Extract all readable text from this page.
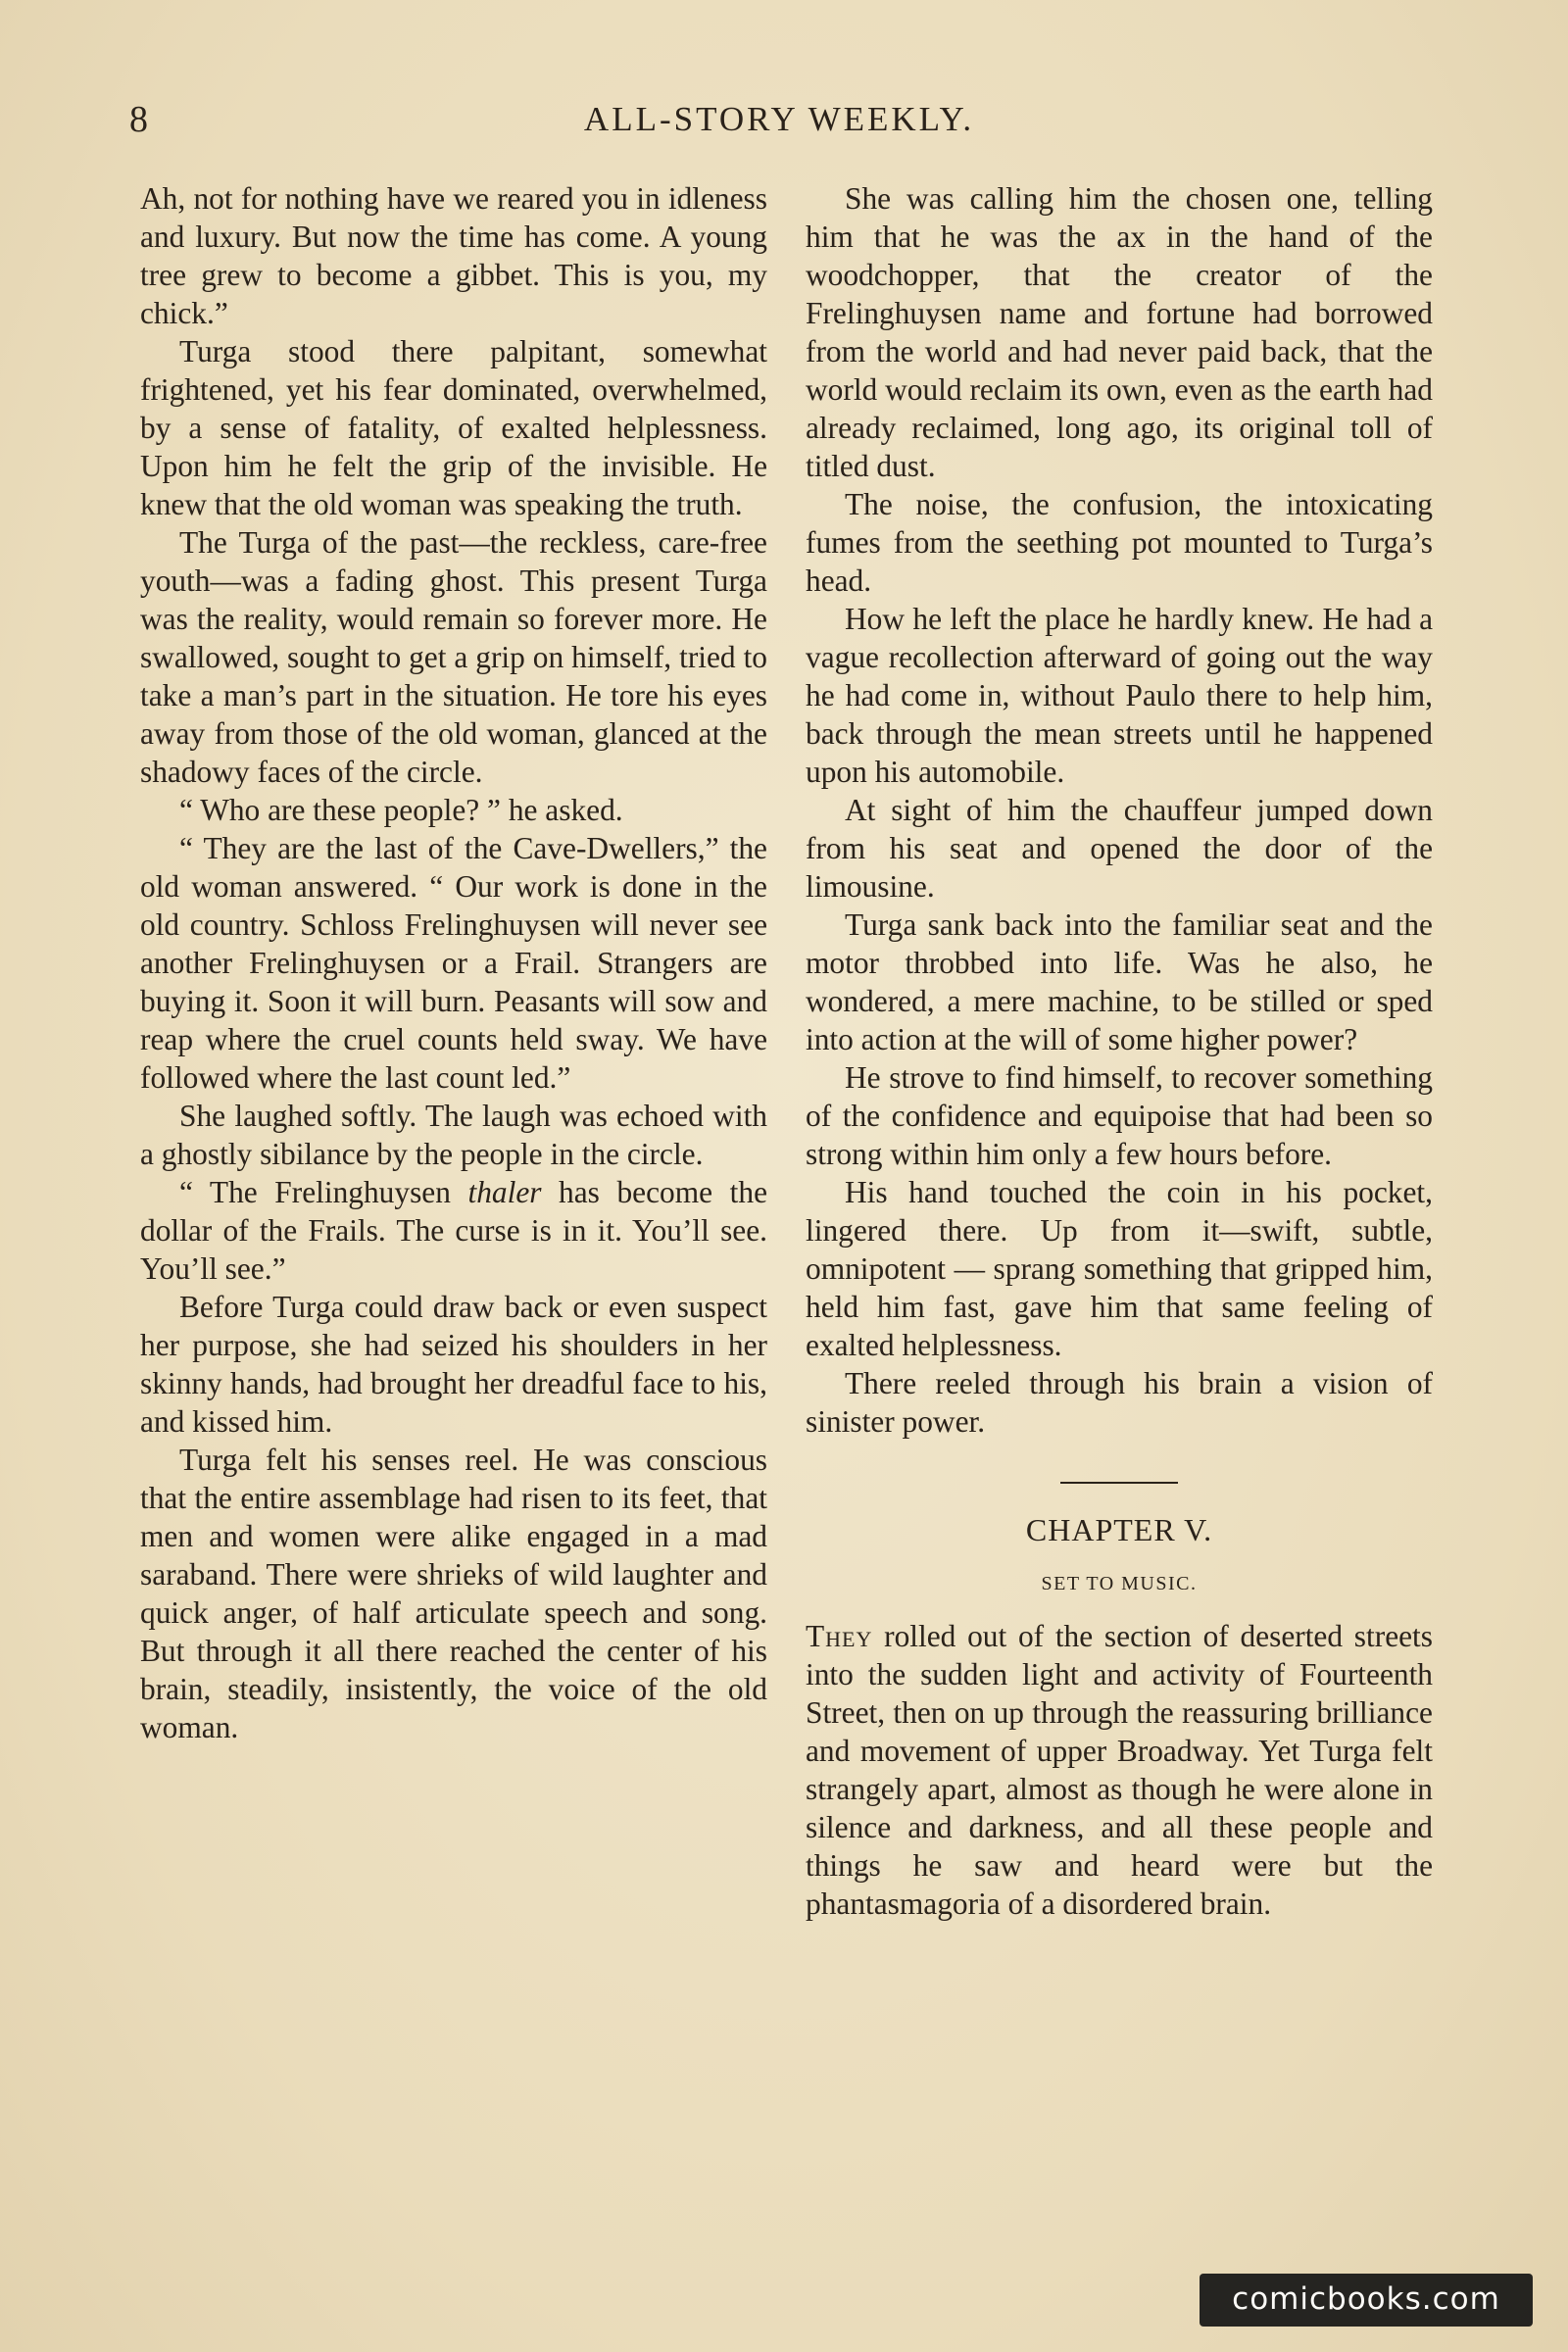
8	ALL-STORY WEEKLY.

Ah, not for nothing have we reared you in idleness and luxury. But now the time has come. A young tree grew to become a gibbet. This is you, my chick.”

Turga stood there palpitant, somewhat frightened, yet his fear dominated, overwhelmed, by a sense of fatality, of exalted helplessness. Upon him he felt the grip of the invisible. He knew that the old woman was speaking the truth.

The Turga of the past—the reckless, care-free youth—was a fading ghost. This present Turga was the reality, would remain so forever more. He swallowed, sought to get a grip on himself, tried to take a man’s part in the situation. He tore his eyes away from those of the old woman, glanced at the shadowy faces of the circle.

“ Who are these people? ” he asked.

“ They are the last of the Cave-Dwellers,” the old woman answered. “ Our work is done in the old country. Schloss Frelinghuysen will never see another Frelinghuysen or a Frail. Strangers are buying it. Soon it will burn. Peasants will sow and reap where the cruel counts held sway. We have followed where the last count led.”

She laughed softly. The laugh was echoed with a ghostly sibilance by the people in the circle.

“ The Frelinghuysen thaler has become the dollar of the Frails. The curse is in it. You’ll see. You’ll see.”

Before Turga could draw back or even suspect her purpose, she had seized his shoulders in her skinny hands, had brought her dreadful face to his, and kissed him.

Turga felt his senses reel. He was conscious that the entire assemblage had risen to its feet, that men and women were alike engaged in a mad saraband. There were shrieks of wild laughter and quick anger, of half articulate speech and song. But through it all there reached the center of his brain, steadily, insistently, the voice of the old woman.

She was calling him the chosen one, telling him that he was the ax in the hand of the woodchopper, that the creator of the Frelinghuysen name and fortune had borrowed from the world and had never paid back, that the world would reclaim its own, even as the earth had already reclaimed, long ago, its original toll of titled dust.

The noise, the confusion, the intoxicating fumes from the seething pot mounted to Turga’s head.

How he left the place he hardly knew. He had a vague recollection afterward of going out the way he had come in, without Paulo there to help him, back through the mean streets until he happened upon his automobile.

At sight of him the chauffeur jumped down from his seat and opened the door of the limousine.

Turga sank back into the familiar seat and the motor throbbed into life. Was he also, he wondered, a mere machine, to be stilled or sped into action at the will of some higher power?

He strove to find himself, to recover something of the confidence and equipoise that had been so strong within him only a few hours before.

His hand touched the coin in his pocket, lingered there. Up from it—swift, subtle, omnipotent — sprang something that gripped him, held him fast, gave him that same feeling of exalted helplessness.

There reeled through his brain a vision of sinister power.

CHAPTER V.
SET TO MUSIC.

They rolled out of the section of deserted streets into the sudden light and activity of Fourteenth Street, then on up through the reassuring brilliance and movement of upper Broadway. Yet Turga felt strangely apart, almost as though he were alone in silence and darkness, and all these people and things he saw and heard were but the phantasmagoria of a disordered brain.

comicbooks.com
